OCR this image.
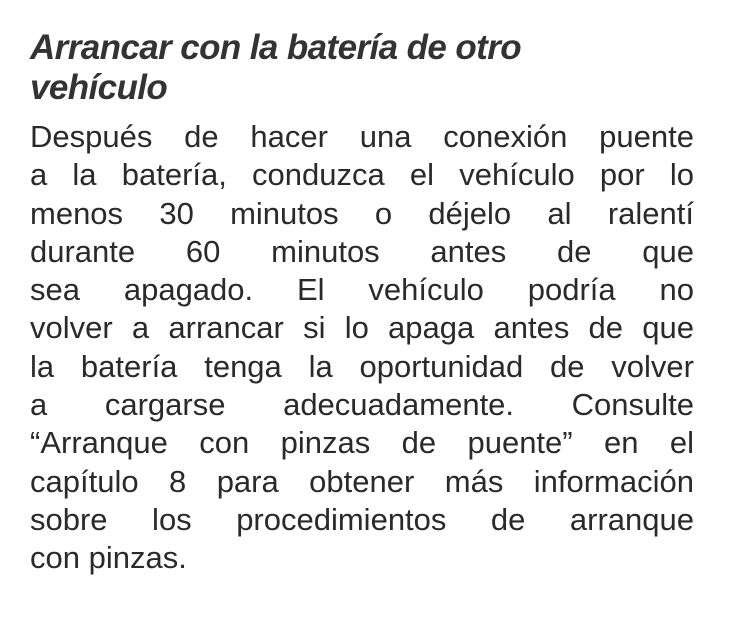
Arrancar con la batería de otro
vehículo

Después de hacer una conexión puente
a la batería, conduzca el vehículo por lo
menos 30 minutos o déjelo al ralentí
durante 60 minutos antes de que
sea apagado. El vehículo podría no
volver a arrancar si lo apaga antes de que
la batería tenga la oportunidad de volver
a cargarse adecuadamente. Consulte
“Arranque con pinzas de puente” en el
capítulo 8 para obtener más información
sobre los procedimientos de arranque
con pinzas.
